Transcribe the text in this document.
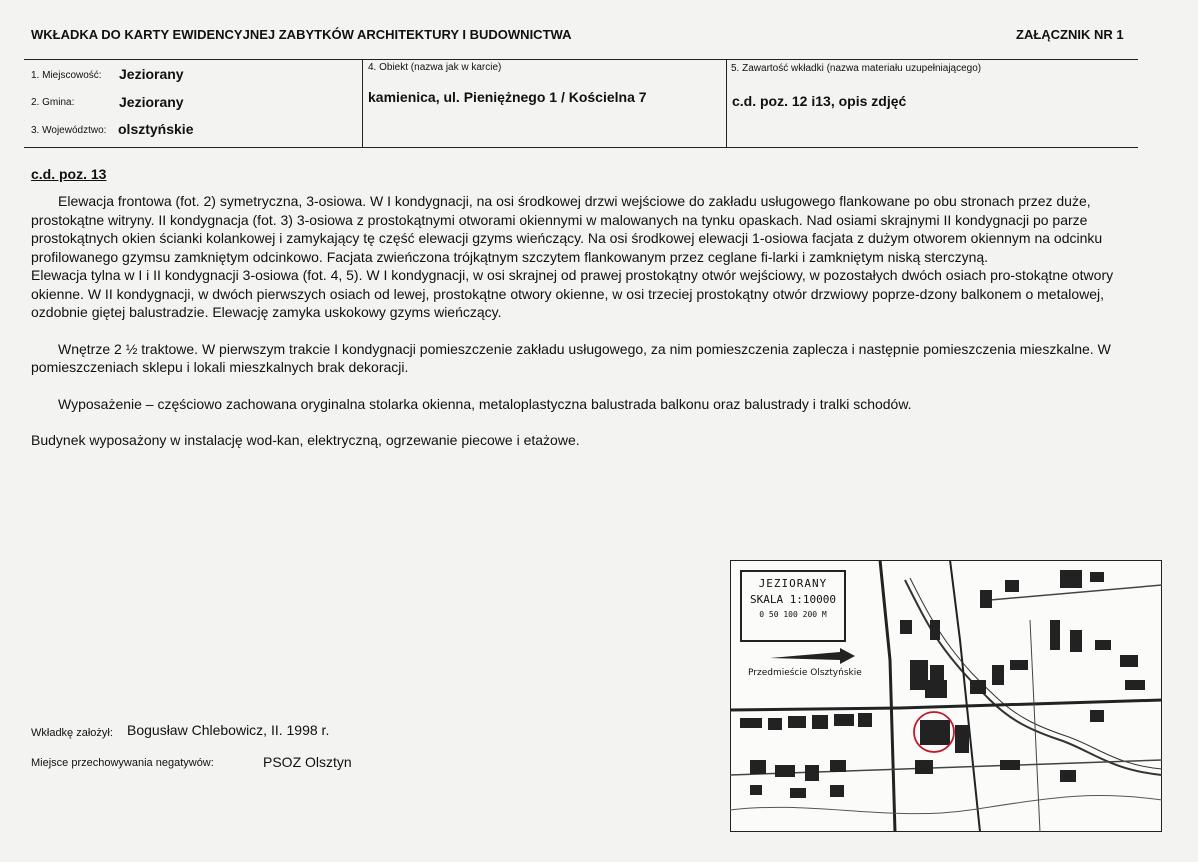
WKŁADKA DO KARTY EWIDENCYJNEJ ZABYTKÓW ARCHITEKTURY I BUDOWNICTWA	ZAŁĄCZNIK NR 1
1. Miejscowość: Jeziorany
2. Gmina:	Jeziorany
3. Województwo: olsztyńskie
4. Obiekt (nazwa jak w karcie)
kamienica, ul. Pieniężnego 1 / Kościelna 7
5. Zawartość wkładki (nazwa materiału uzupełniającego)
c.d. poz. 12 i13, opis zdjęć
c.d. poz. 13

Elewacja frontowa (fot. 2) symetryczna, 3-osiowa. W I kondygnacji, na osi środkowej drzwi wejściowe do zakładu usługowego flankowane po obu stronach przez duże, prostokątne witryny. II kondygnacja (fot. 3) 3-osiowa z prostokątnymi otworami okiennymi w malowanych na tynku opaskach. Nad osiami skrajnymi II kondygnacji po parze prostokątnych okien ścianki kolankowej i zamykający tę część elewacji gzyms wieńczący. Na osi środkowej elewacji 1-osiowa facjata z dużym otworem okiennym na odcinku profilowanego gzymsu zamkniętym odcinkowo. Facjata zwieńczona trójkątnym szczytem flankowanym przez ceglane fi-larki i zamkniętym niską sterczyną.

Elewacja tylna w I i II kondygnacji 3-osiowa (fot. 4, 5). W I kondygnacji, w osi skrajnej od prawej prostokątny otwór wejściowy, w pozostałych dwóch osiach pro-stokątne otwory okienne. W II kondygnacji, w dwóch pierwszych osiach od lewej, prostokątne otwory okienne, w osi trzeciej prostokątny otwór drzwiowy poprze-dzony balkonem o metalowej, ozdobnie giętej balustradzie. Elewację zamyka uskokowy gzyms wieńczący.

Wnętrze 2 ½ traktowe. W pierwszym trakcie I kondygnacji pomieszczenie zakładu usługowego, za nim pomieszczenia zaplecza i następnie pomieszczenia mieszkalne. W pomieszczeniach sklepu i lokali mieszkalnych brak dekoracji.

Wyposażenie – częściowo zachowana oryginalna stolarka okienna, metaloplastyczna balustrada balkonu oraz balustrady i tralki schodów.

Budynek wyposażony w instalację wod-kan, elektryczną, ogrzewanie piecowe i etażowe.

Wkładkę założył: Bogusław Chlebowicz, II. 1998 r.
Miejsce przechowywania negatywów:	PSOZ Olsztyn
JEZIORANY
SKALA 1:10000
0 50 100 200 M
Przedmieście Olsztyńskie
